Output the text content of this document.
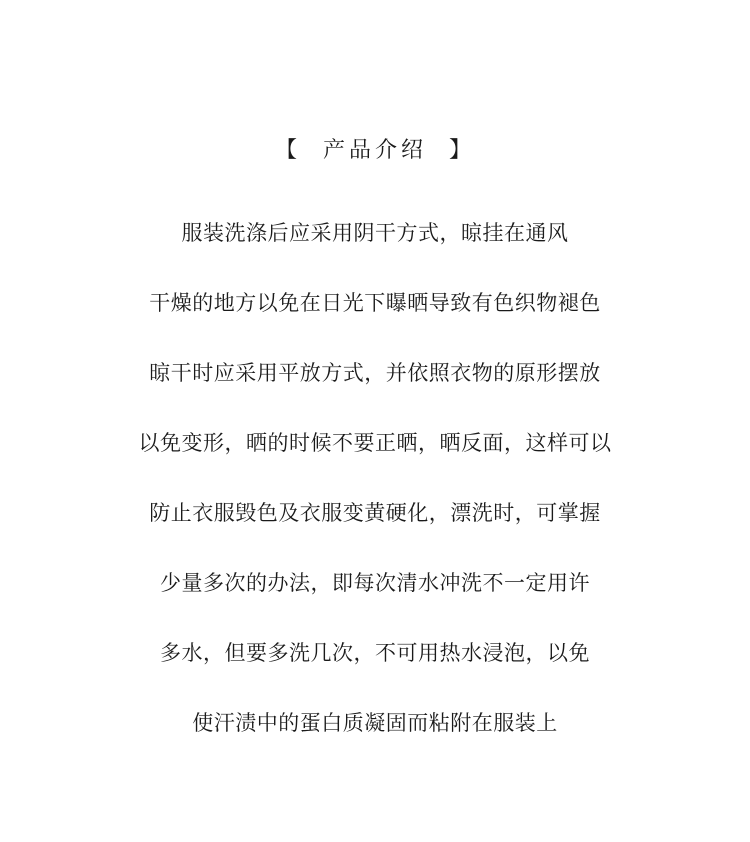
【  产品介绍  】
服装洗涤后应采用阴干方式，晾挂在通风
干燥的地方以免在日光下曝晒导致有色织物褪色
晾干时应采用平放方式，并依照衣物的原形摆放
以免变形，晒的时候不要正晒，晒反面，这样可以
防止衣服毁色及衣服变黄硬化，漂洗时，可掌握
少量多次的办法，即每次清水冲洗不一定用许
多水，但要多洗几次，不可用热水浸泡，以免
使汗渍中的蛋白质凝固而粘附在服装上
